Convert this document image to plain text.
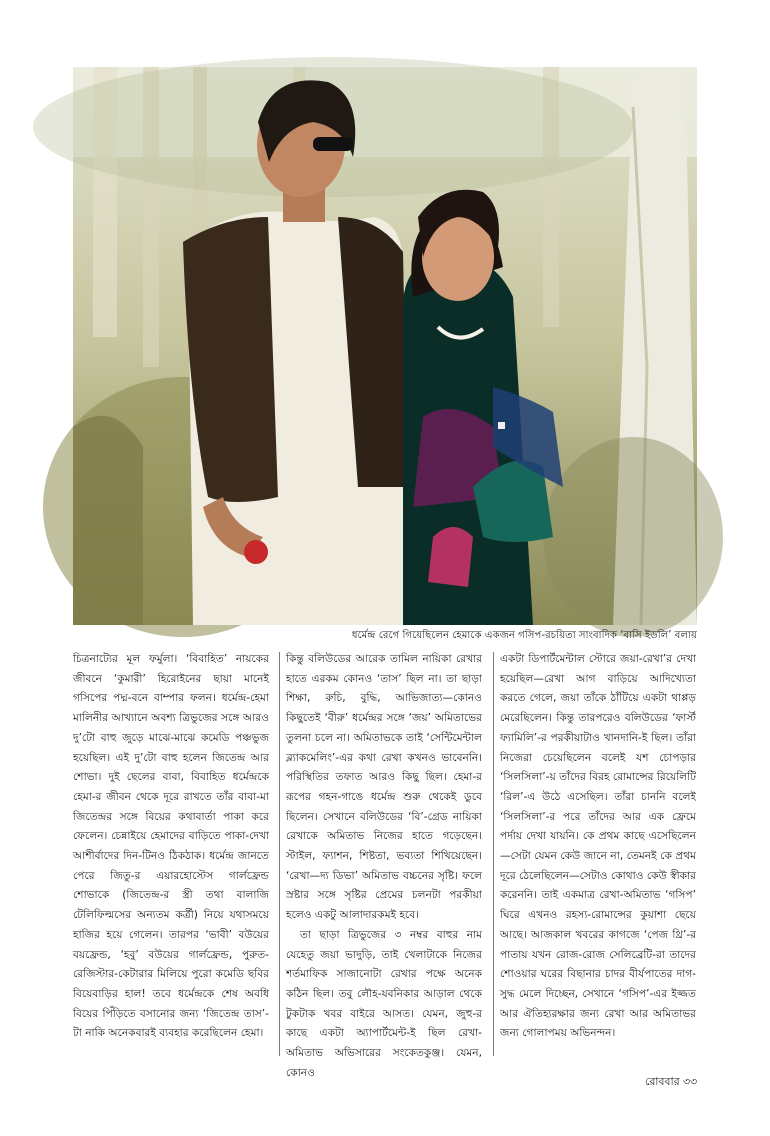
ধর্মেন্দ্র রেগে গিয়েছিলেন হেমাকে একজন গসিপ-রচয়িতা সাংবাদিক ‘বাসি ইডলি’ বলায়

চিত্রনাট্যের মূল ফর্মুলা। ‘বিবাহিত’ নায়কের জীবনে ‘কুমারী’ হিরোইনের ছায়া মানেই গসিপের পদ্ম-বনে বাম্পার ফলন। ধর্মেন্দ্র-হেমা মালিনীর আখ্যানে অবশ্য ত্রিভুজের সঙ্গে আরও দু’টো বাহু জুড়ে মাঝে-মাঝে কমেডি পঞ্চভুজ হয়েছিল। এই দু’টো বাহু হলেন জিতেন্দ্র আর শোভা। দুই ছেলের বাবা, বিবাহিত ধর্মেন্দ্রকে হেমা-র জীবন থেকে দূরে রাখতে তাঁর বাবা-মা জিতেন্দ্রর সঙ্গে বিয়ের কথাবার্তা পাকা করে ফেলেন। চেন্নাইয়ে হেমাদের বাড়িতে পাকা-দেখা আশীর্বাদের দিন-টিনও ঠিকঠাক। ধর্মেন্দ্র জানতে পেরে জিতু-র এয়ারহোস্টেস গার্লফ্রেন্ড শোভাকে (জিতেন্দ্র-র স্ত্রী তথা বালাজি টেলিফিল্মসের অন্যতম কর্ত্রী) নিয়ে যথাসময়ে হাজির হয়ে গেলেন। তারপর ‘ভাবী’ বউয়ের বয়ফ্রেন্ড, ‘হবু’ বউয়ের গার্লফ্রেন্ড, পুরুত-রেজিস্টার-কেটারার মিলিয়ে পুরো কমেডি ছবির বিয়েবাড়ির হাল! তবে ধর্মেন্দ্রকে শেষ অবধি বিয়ের পিঁড়িতে বসানোর জন্য ‘জিতেন্দ্র তাস’-টা নাকি অনেকবারই ব্যবহার করেছিলেন হেমা।

কিন্তু বলিউডের আরেক তামিল নায়িকা রেখার হাতে এরকম কোনও ‘তাস’ ছিল না। তা ছাড়া শিক্ষা, রুচি, বুদ্ধি, আভিজাত্য—কোনও কিছুতেই ‘বীরু’ ধর্মেন্দ্রর সঙ্গে ‘জয়’ অমিতাভের তুলনা চলে না। অমিতাভকে তাই ‘সেন্টিমেন্টাল ব্ল্যাকমেলিং’-এর কথা রেখা কখনও ভাবেননি। পরিস্থিতির তফাত আরও কিছু ছিল। হেমা-র রূপের গহন-গাঙে ধর্মেন্দ্র শুরু থেকেই ডুবে ছিলেন। সেখানে বলিউডের ‘বি’-গ্রেড নায়িকা রেখাকে অমিতাভ নিজের হাতে গড়েছেন। স্টাইল, ফ্যাশন, শিষ্টতা, ভব্যতা শিখিয়েছেন। ‘রেখা—দ্য ডিভা’ অমিতাভ বচ্চনের সৃষ্টি। ফলে স্রষ্টার সঙ্গে সৃষ্টির প্রেমের চলনটা পরকীয়া হলেও একটু আলাদারকমই হবে।

তা ছাড়া ত্রিভুজের ৩ নম্বর বাহুর নাম যেহেতু জয়া ভাদুড়ি, তাই খেলাটাকে নিজের শর্তমাফিক সাজানোটা রেখার পক্ষে অনেক কঠিন ছিল। তবু লৌহ-যবনিকার আড়াল থেকে টুকটাক খবর বাইরে আসত। যেমন, জুহু-র কাছে একটা অ্যাপার্টমেন্ট-ই ছিল রেখা-অমিতাভ অভিসারের সংকেতকুঞ্জ। যেমন, কোনও

একটা ডিপার্টমেন্টাল স্টোরে জয়া-রেখা’র দেখা হয়েছিল—রেখা আগ বাড়িয়ে আদিখ্যেতা করতে গেলে, জয়া তাঁকে ঠাঁটিয়ে একটা থাপ্পড় মেরেছিলেন। কিন্তু তারপরেও বলিউডের ‘ফার্স্ট ফ্যামিলি’-র পরকীয়াটাও খানদানি-ই ছিল। তাঁরা নিজেরা চেয়েছিলেন বলেই যশ চোপড়ার ‘সিলসিলা’-য় তাঁদের বিরহ রোমান্সের রিয়েলিটি ‘রিল’-এ উঠে এসেছিল। তাঁরা চাননি বলেই ‘সিলসিলা’-র পরে তাঁদের আর এক ফ্রেমে পর্দায় দেখা যায়নি। কে প্রথম কাছে এসেছিলেন—সেটা যেমন কেউ জানে না, তেমনই কে প্রথম দূরে ঠেলেছিলেন—সেটাও কোথাও কেউ স্বীকার করেননি। তাই একমাত্র রেখা-অমিতাভ ‘গসিপ’ ঘিরে এখনও রহস্য-রোমান্সের কুয়াশা ছেয়ে আছে। আজকাল খবরের কাগজে ‘পেজ থ্রি’-র পাতায় যখন রোজ-রোজ সেলিব্রেটি-রা তাদের শোওয়ার ঘরের বিছানার চাদর বীর্যপাতের দাগ-সুদ্ধ মেলে দিচ্ছেন, সেখানে ‘গসিপ’-এর ইজ্জত আর ঐতিহ্যরক্ষার জন্য রেখা আর অমিতাভর জন্য গোলাপময় অভিনন্দন।

রোববার ৩৩
